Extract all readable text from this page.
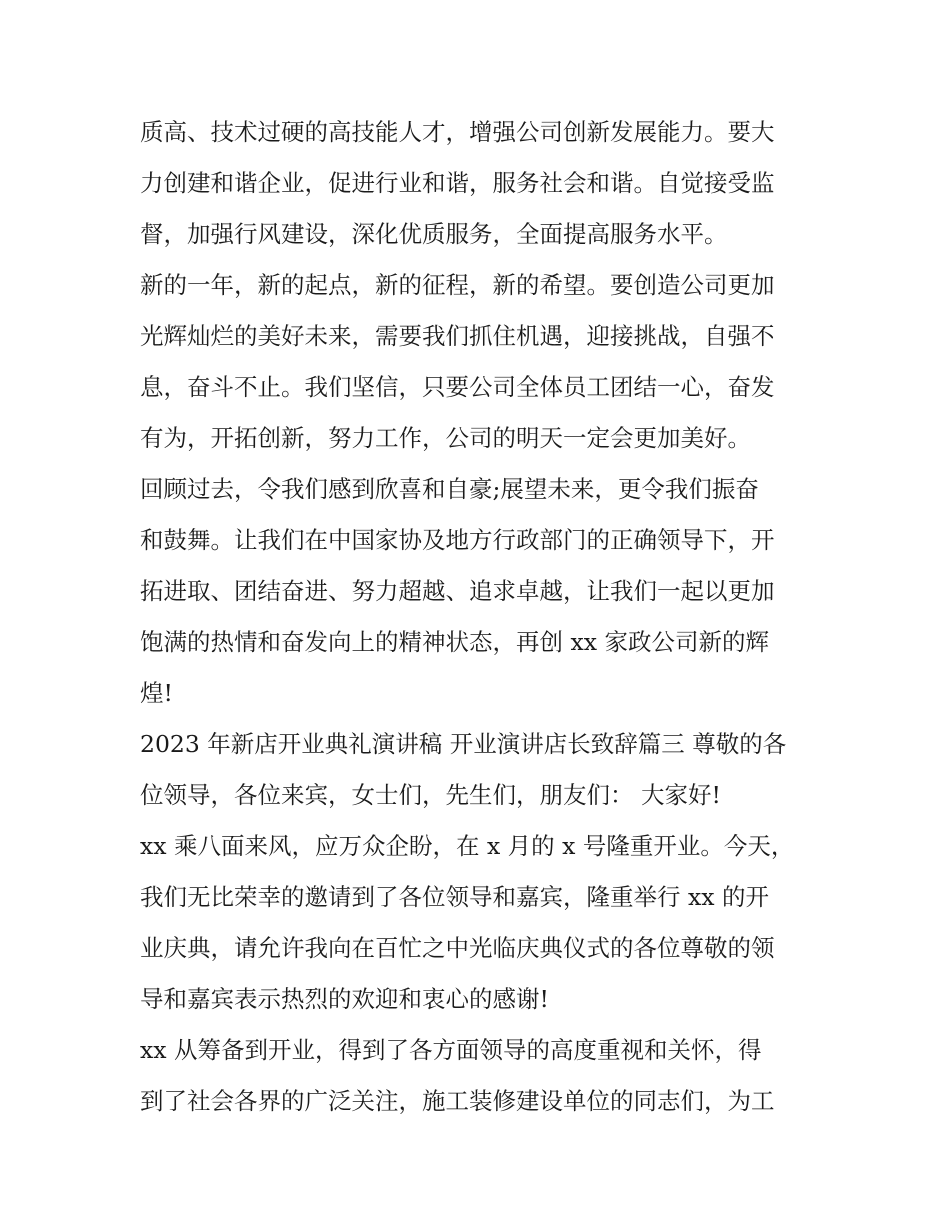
质高、技术过硬的高技能人才，增强公司创新发展能力。要大
力创建和谐企业，促进行业和谐，服务社会和谐。自觉接受监
督，加强行风建设，深化优质服务，全面提高服务水平。
新的一年，新的起点，新的征程，新的希望。要创造公司更加
光辉灿烂的美好未来，需要我们抓住机遇，迎接挑战，自强不
息，奋斗不止。我们坚信，只要公司全体员工团结一心，奋发
有为，开拓创新，努力工作，公司的明天一定会更加美好。
回顾过去，令我们感到欣喜和自豪;展望未来，更令我们振奋
和鼓舞。让我们在中国家协及地方行政部门的正确领导下，开
拓进取、团结奋进、努力超越、追求卓越，让我们一起以更加
饱满的热情和奋发向上的精神状态，再创 xx 家政公司新的辉
煌!
2023 年新店开业典礼演讲稿 开业演讲店长致辞篇三 尊敬的各
位领导，各位来宾，女士们，先生们，朋友们： 大家好!
xx 乘八面来风，应万众企盼，在 x 月的 x 号隆重开业。今天，
我们无比荣幸的邀请到了各位领导和嘉宾，隆重举行 xx 的开
业庆典，请允许我向在百忙之中光临庆典仪式的各位尊敬的领
导和嘉宾表示热烈的欢迎和衷心的感谢!
xx 从筹备到开业，得到了各方面领导的高度重视和关怀，得
到了社会各界的广泛关注，施工装修建设单位的同志们，为工
